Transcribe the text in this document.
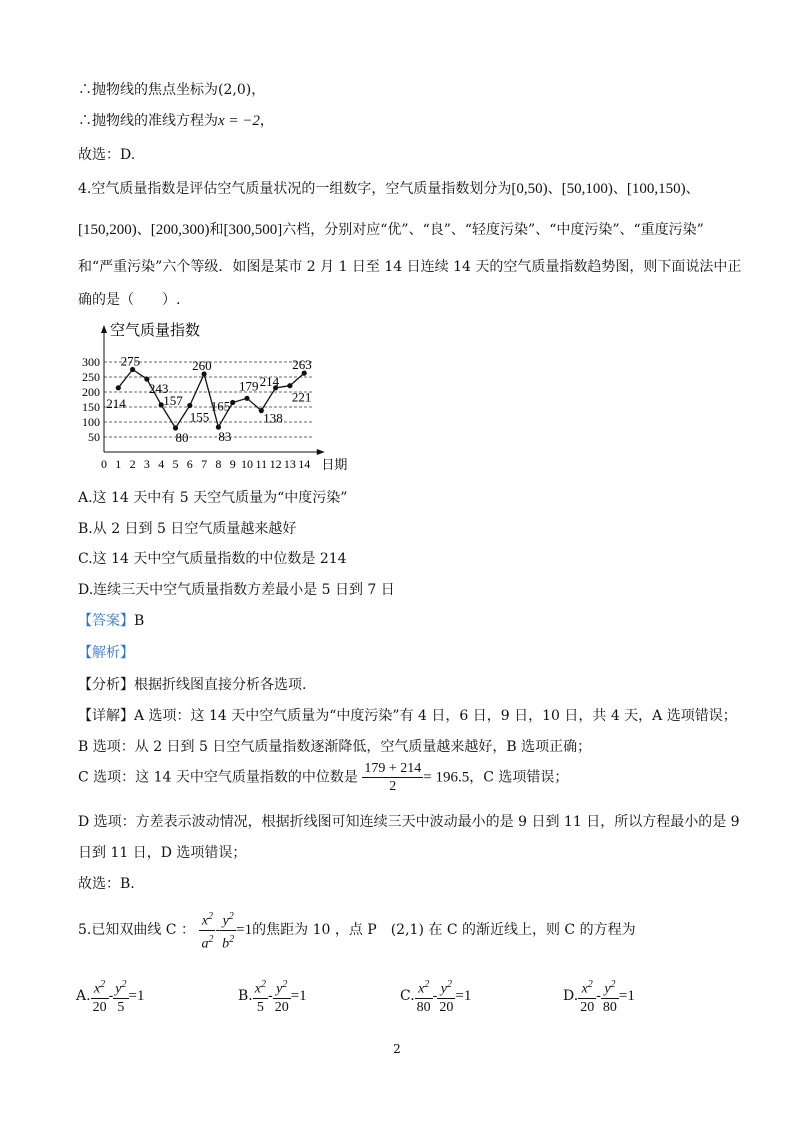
∴抛物线的焦点坐标为(2,0)，
∴抛物线的准线方程为x = −2，
故选：D.
4.空气质量指数是评估空气质量状况的一组数字，空气质量指数划分为[0,50)、[50,100)、[100,150)、
[150,200)、[200,300)和[300,500]六档，分别对应“优”、“良”、“轻度污染”、“中度污染”、“重度污染”
和“严重污染”六个等级．如图是某市 2 月 1 日至 14 日连续 14 天的空气质量指数趋势图，则下面说法中正
确的是（　　）.
50
100
150
200
250
300
0 1 2 3 4 5 6 7 8 9 10 11 12 13 14
空气质量指数
日期
214
275
243
157
80
155
260
83
165
179
138
214
221
263
A.这 14 天中有 5 天空气质量为“中度污染”
B.从 2 日到 5 日空气质量越来越好
C.这 14 天中空气质量指数的中位数是 214
D.连续三天中空气质量指数方差最小是 5 日到 7 日
【答案】B
【解析】
【分析】根据折线图直接分析各选项.
【详解】A 选项：这 14 天中空气质量为“中度污染”有 4 日，6 日，9 日，10 日，共 4 天，A 选项错误；
B 选项：从 2 日到 5 日空气质量指数逐渐降低，空气质量越来越好，B 选项正确；
C 选项：这 14 天中空气质量指数的中位数是 $\frac{179 + 214}{2} = 196.5$，C 选项错误；
D 选项：方差表示波动情况，根据折线图可知连续三天中波动最小的是 9 日到 11 日，所以方程最小的是 9
日到 11 日，D 选项错误；
故选：B.
5.已知双曲线 C ： $\frac{x^2}{a^2} - \frac{y^2}{b^2} =1$的焦距为 10 ，点 P　(2,1) 在 C 的渐近线上，则 C 的方程为
A. $\frac{x^2}{20} - \frac{y^2}{5} =1$	B. $\frac{x^2}{5} - \frac{y^2}{20} =1$	C. $\frac{x^2}{80} - \frac{y^2}{20} =1$	D. $\frac{x^2}{20} - \frac{y^2}{80} =1$
2
